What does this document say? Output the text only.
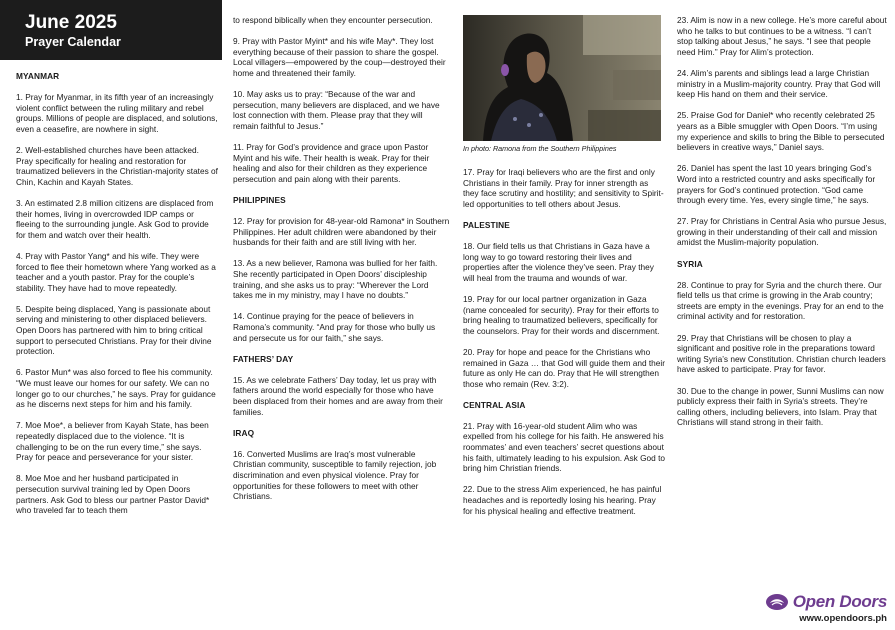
June 2025
Prayer Calendar
MYANMAR

1. Pray for Myanmar, in its fifth year of an increasingly violent conflict between the ruling military and rebel groups. Millions of people are displaced, and solutions, even a ceasefire, are nowhere in sight.

2. Well-established churches have been attacked. Pray specifically for healing and restoration for traumatized believers in the Christian-majority states of Chin, Kachin and Kayah States.

3. An estimated 2.8 million citizens are displaced from their homes, living in overcrowded IDP camps or fleeing to the surrounding jungle. Ask God to provide for them and watch over their health.

4. Pray with Pastor Yang* and his wife. They were forced to flee their hometown where Yang worked as a teacher and a youth pastor. Pray for the couple’s stability. They have had to move repeatedly.

5. Despite being displaced, Yang is passionate about serving and ministering to other displaced believers. Open Doors has partnered with him to bring critical support to persecuted Christians. Pray for their divine protection.

6. Pastor Mun* was also forced to flee his community. “We must leave our homes for our safety. We can no longer go to our churches,” he says. Pray for guidance as he discerns next steps for him and his family.

7. Moe Moe*, a believer from Kayah State, has been repeatedly displaced due to the violence. “It is challenging to be on the run every time,” she says. Pray for peace and perseverance for your sister.

8. Moe Moe and her husband participated in persecution survival training led by Open Doors partners. Ask God to bless our partner Pastor David* who traveled far to teach them

to respond biblically when they encounter persecution.

9. Pray with Pastor Myint* and his wife May*. They lost everything because of their passion to share the gospel. Local villagers—empowered by the coup—destroyed their home and threatened their family.

10. May asks us to pray: “Because of the war and persecution, many believers are displaced, and we have lost connection with them. Please pray that they will remain faithful to Jesus.”

11. Pray for God’s providence and grace upon Pastor Myint and his wife. Their health is weak. Pray for their healing and also for their children as they experience persecution and pain along with their parents.

PHILIPPINES

12. Pray for provision for 48-year-old Ramona* in Southern Philippines. Her adult children were abandoned by their husbands for their faith and are still living with her.

13. As a new believer, Ramona was bullied for her faith. She recently participated in Open Doors’ discipleship training, and she asks us to pray: “Wherever the Lord takes me in my ministry, may I have no doubts.”

14. Continue praying for the peace of believers in Ramona’s community. “And pray for those who bully us and persecute us for our faith,” she says.

FATHERS’ DAY

15. As we celebrate Fathers’ Day today, let us pray with fathers around the world especially for those who have been displaced from their homes and are away from their families.

IRAQ

16. Converted Muslims are Iraq’s most vulnerable Christian community, susceptible to family rejection, job discrimination and even physical violence. Pray for opportunities for these followers to meet with other Christians.

In photo: Ramona from the Southern Philippines

17. Pray for Iraqi believers who are the first and only Christians in their family. Pray for inner strength as they face scrutiny and hostility; and sensitivity to Spirit-led opportunities to tell others about Jesus.

PALESTINE

18. Our field tells us that Christians in Gaza have a long way to go toward restoring their lives and properties after the violence they’ve seen. Pray they will heal from the trauma and wounds of war.

19. Pray for our local partner organization in Gaza (name concealed for security). Pray for their efforts to bring healing to traumatized believers, specifically for the counselors. Pray for their words and discernment.

20. Pray for hope and peace for the Christians who remained in Gaza … that God will guide them and their future as only He can do. Pray that He will strengthen those who remain (Rev. 3:2).

CENTRAL ASIA

21. Pray with 16-year-old student Alim who was expelled from his college for his faith. He answered his roommates’ and even teachers’ secret questions about his faith, ultimately leading to his expulsion. Ask God to bring him Christian friends.

22. Due to the stress Alim experienced, he has painful headaches and is reportedly losing his hearing. Pray for his physical healing and effective treatment.

23. Alim is now in a new college. He’s more careful about who he talks to but continues to be a witness. “I can’t stop talking about Jesus,” he says. “I see that people need Him.” Pray for Alim’s protection.

24. Alim’s parents and siblings lead a large Christian ministry in a Muslim-majority country. Pray that God will keep His hand on them and their service.

25. Praise God for Daniel* who recently celebrated 25 years as a Bible smuggler with Open Doors. “I’m using my experience and skills to bring the Bible to persecuted believers in creative ways,” Daniel says.

26. Daniel has spent the last 10 years bringing God’s Word into a restricted country and asks specifically for prayers for God’s continued protection. “God came through every time. Yes, every single time,” he says.

27. Pray for Christians in Central Asia who pursue Jesus, growing in their understanding of their call and mission amidst the Muslim-majority population.

SYRIA

28. Continue to pray for Syria and the church there. Our field tells us that crime is growing in the Arab country; streets are empty in the evenings. Pray for an end to the criminal activity and for restoration.

29. Pray that Christians will be chosen to play a significant and positive role in the preparations toward writing Syria’s new Constitution. Christian church leaders have asked to participate. Pray for favor.

30. Due to the change in power, Sunni Muslims can now publicly express their faith in Syria’s streets. They’re calling others, including believers, into Islam. Pray that Christians will stand strong in their faith.

Open Doors
www.opendoors.ph
